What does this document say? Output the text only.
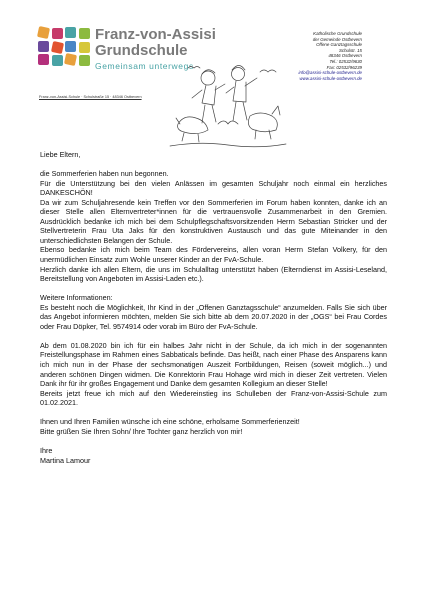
Franz-von-Assisi
Grundschule
Gemeinsam unterwegs
Katholische Grundschule
der Gemeinde Ostbevern
Offene Ganztagsschule
Schulstr. 15
48346 Ostbevern
Tel.: 02532/9630
Fax: 02532/96239
info@assisi-schule-ostbevern.de
www.assisi-schule-ostbevern.de
Franz-von-Assisi-Schule · Schulstraße 15 · 48346 Ostbevern

Liebe Eltern,

die Sommerferien haben nun begonnen.

Für die Unterstützung bei den vielen Anlässen im gesamten Schuljahr noch einmal ein herzliches DANKESCHÖN!

Da wir zum Schuljahresende kein Treffen vor den Sommerferien im Forum haben konnten, danke ich an dieser Stelle allen Elternvertreter*innen für die vertrauensvolle Zusammenarbeit in den Gremien. Ausdrücklich bedanke ich mich bei dem Schulpflegschaftsvorsitzenden Herrn Sebastian Stricker und der Stellvertreterin Frau Uta Jaks für den konstruktiven Austausch und das gute Miteinander in den unterschiedlichsten Belangen der Schule.

Ebenso bedanke ich mich beim Team des Fördervereins, allen voran Herrn Stefan Volkery, für den unermüdlichen Einsatz zum Wohle unserer Kinder an der FvA-Schule.

Herzlich danke ich allen Eltern, die uns im Schulalltag unterstützt haben (Elterndienst im Assisi-Leseland, Bereitstellung von Angeboten im Assisi-Laden etc.).

Weitere Informationen:

Es besteht noch die Möglichkeit, Ihr Kind in der „Offenen Ganztagsschule“ anzumelden. Falls Sie sich über das Angebot informieren möchten, melden Sie sich bitte ab dem 20.07.2020 in der „OGS“ bei Frau Cordes oder Frau Döpker, Tel. 9574914 oder vorab im Büro der FvA-Schule.

Ab dem 01.08.2020 bin ich für ein halbes Jahr nicht in der Schule, da ich mich in der sogenannten Freistellungsphase im Rahmen eines Sabbaticals befinde. Das heißt, nach einer Phase des Ansparens kann ich mich nun in der Phase der sechsmonatigen Auszeit Fortbildungen, Reisen (soweit möglich...) und anderen schönen Dingen widmen. Die Konrektorin Frau Hohage wird mich in dieser Zeit vertreten. Vielen Dank ihr für ihr großes Engagement und Danke dem gesamten Kollegium an dieser Stelle!

Bereits jetzt freue ich mich auf den Wiedereinstieg ins Schulleben der Franz-von-Assisi-Schule zum 01.02.2021.

Ihnen und Ihren Familien wünsche ich eine schöne, erholsame Sommerferienzeit!

Bitte grüßen Sie Ihren Sohn/ Ihre Tochter ganz herzlich von mir!

Ihre

Martina Lamour
